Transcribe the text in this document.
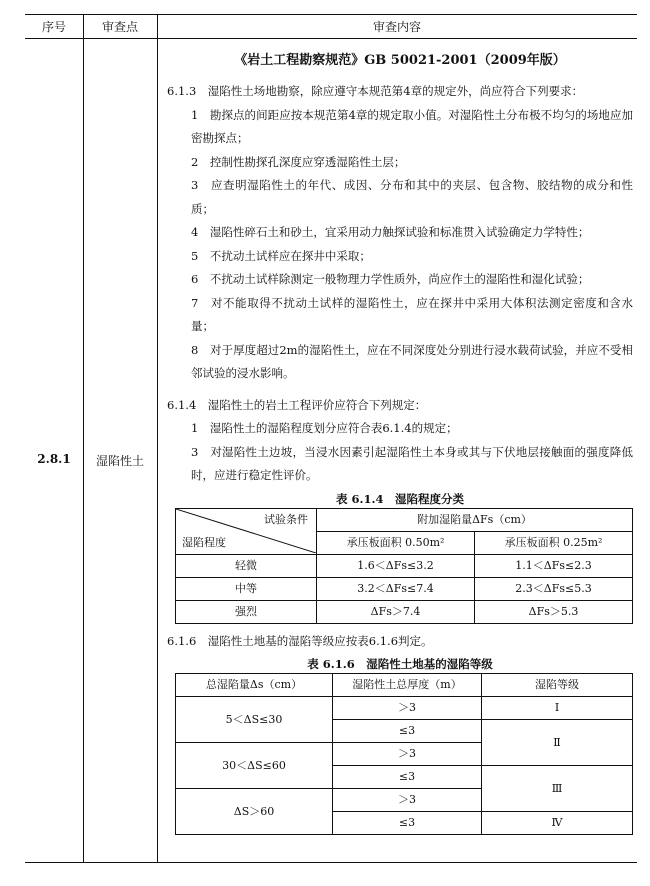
序号	审查点	审查内容
2.8.1	湿陷性土
《岩土工程勘察规范》GB 50021-2001（2009年版）

6.1.3　湿陷性土场地勘察，除应遵守本规范第4章的规定外，尚应符合下列要求：

1　勘探点的间距应按本规范第4章的规定取小值。对湿陷性土分布极不均匀的场地应加密勘探点；

2　控制性勘探孔深度应穿透湿陷性土层；

3　应查明湿陷性土的年代、成因、分布和其中的夹层、包含物、胶结物的成分和性质；

4　湿陷性碎石土和砂土，宜采用动力触探试验和标准贯入试验确定力学特性；

5　不扰动土试样应在探井中采取；

6　不扰动土试样除测定一般物理力学性质外，尚应作土的湿陷性和湿化试验；

7　对不能取得不扰动土试样的湿陷性土，应在探井中采用大体积法测定密度和含水量；

8　对于厚度超过2m的湿陷性土，应在不同深度处分别进行浸水载荷试验，并应不受相邻试验的浸水影响。

6.1.4　湿陷性土的岩土工程评价应符合下列规定：

1　湿陷性土的湿陷程度划分应符合表6.1.4的规定；

3　对湿陷性土边坡，当浸水因素引起湿陷性土本身或其与下伏地层接触面的强度降低时，应进行稳定性评价。

表 6.1.4　湿陷程度分类
试验条件
湿陷程度	附加湿陷量ΔFs（cm）	
	承压板面积 0.50m²	承压板面积 0.25m²
轻微	1.6＜ΔFs≤3.2	1.1＜ΔFs≤2.3
中等	3.2＜ΔFs≤7.4	2.3＜ΔFs≤5.3
强烈	ΔFs＞7.4	ΔFs＞5.3

6.1.6　湿陷性土地基的湿陷等级应按表6.1.6判定。

表 6.1.6　湿陷性土地基的湿陷等级
总湿陷量Δs（cm）	湿陷性土总厚度（m）	湿陷等级
5＜ΔS≤30	＞3	Ⅰ
	≤3	Ⅱ
30＜ΔS≤60	＞3	
	≤3	Ⅲ
ΔS＞60	＞3	
	≤3	Ⅳ
